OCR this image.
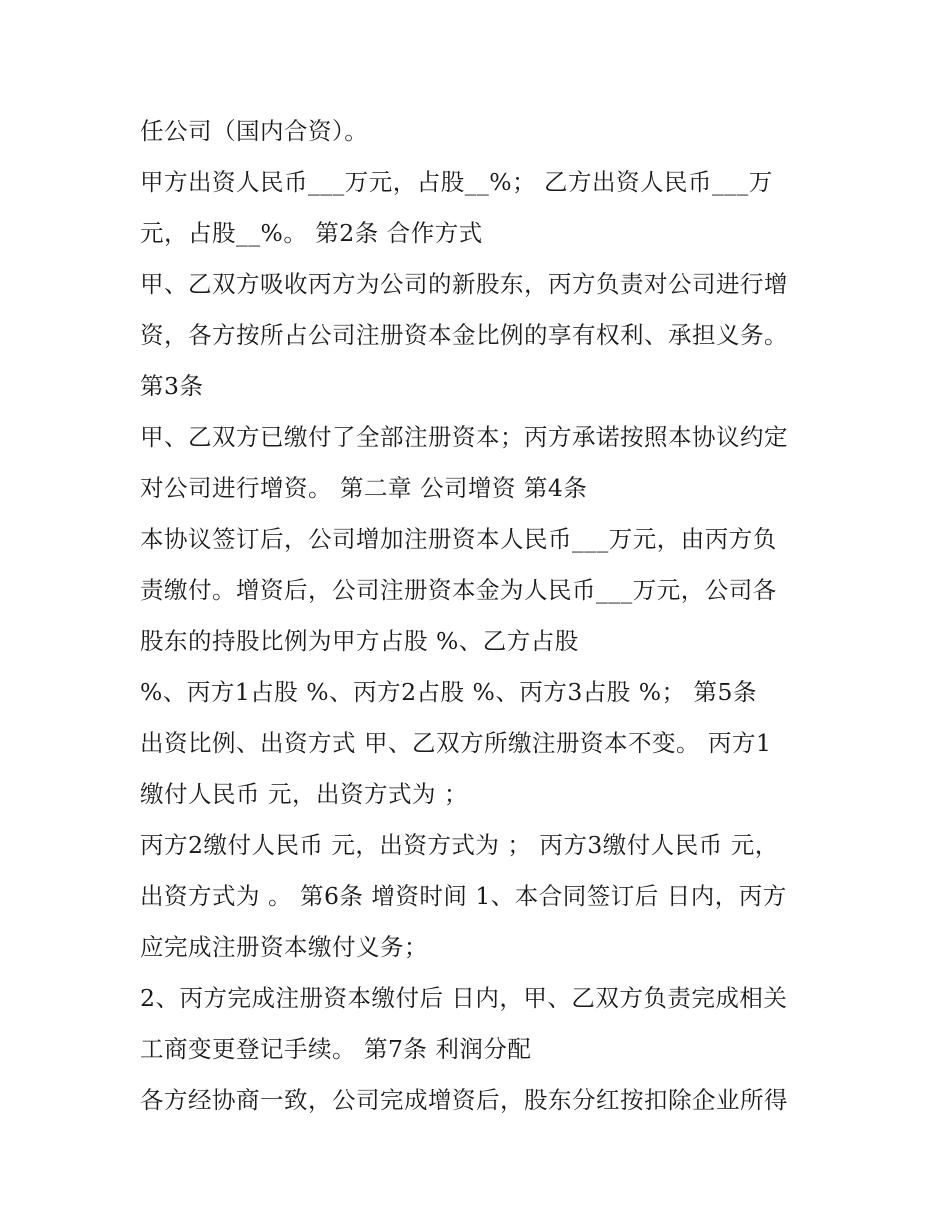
任公司（国内合资）。
甲方出资人民币___万元，占股__%； 乙方出资人民币___万
元，占股__%。 第2条 合作方式
甲、乙双方吸收丙方为公司的新股东，丙方负责对公司进行增
资，各方按所占公司注册资本金比例的享有权利、承担义务。
第3条
甲、乙双方已缴付了全部注册资本；丙方承诺按照本协议约定
对公司进行增资。 第二章 公司增资 第4条
本协议签订后，公司增加注册资本人民币___万元，由丙方负
责缴付。增资后，公司注册资本金为人民币___万元，公司各
股东的持股比例为甲方占股 %、乙方占股
%、丙方1占股 %、丙方2占股 %、丙方3占股 %； 第5条
出资比例、出资方式 甲、乙双方所缴注册资本不变。 丙方1
缴付人民币 元，出资方式为 ；
丙方2缴付人民币 元，出资方式为 ； 丙方3缴付人民币 元，
出资方式为 。 第6条 增资时间 1、本合同签订后 日内，丙方
应完成注册资本缴付义务；
2、丙方完成注册资本缴付后 日内，甲、乙双方负责完成相关
工商变更登记手续。 第7条 利润分配
各方经协商一致，公司完成增资后，股东分红按扣除企业所得
